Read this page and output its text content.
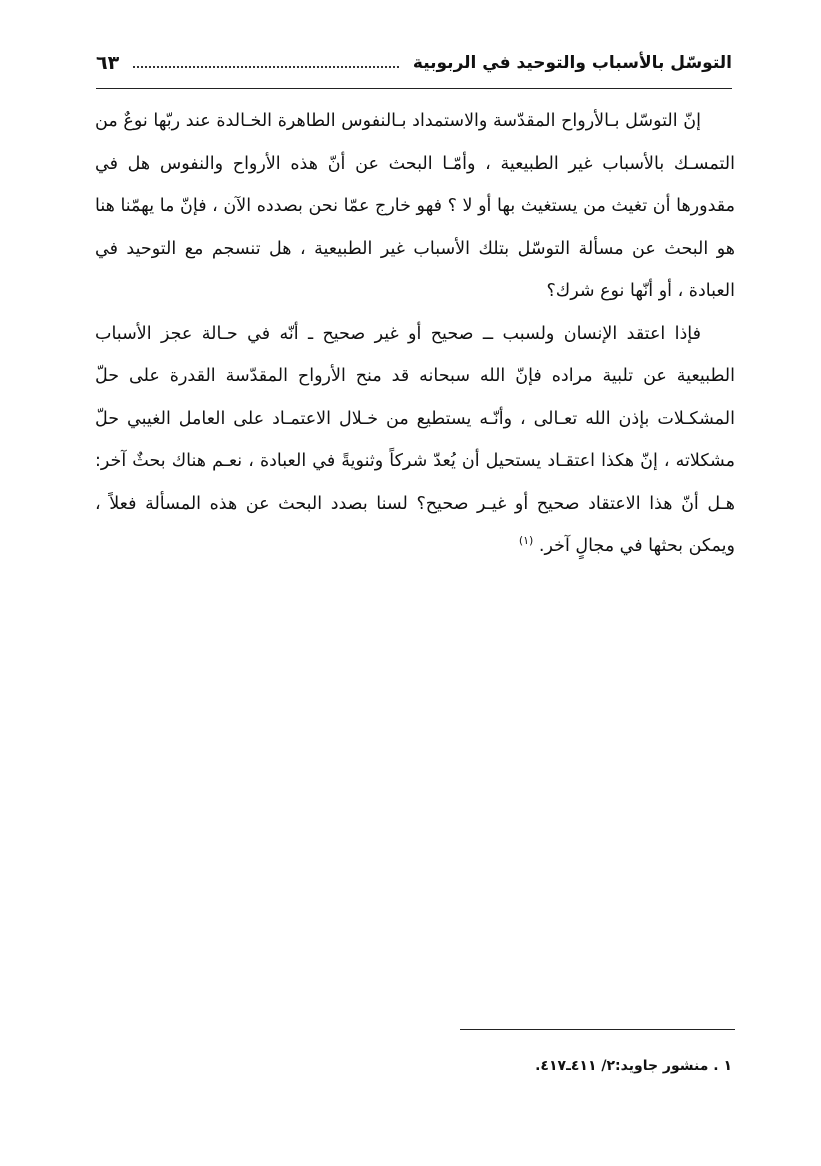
التوسّل بالأسباب والتوحيد في الربوبية
٦٣

إنّ التوسّل بـالأرواح المقدّسة والاستمداد بـالنفوس الطاهرة الخـالدة عند ربّها نوعٌ من التمسـك بالأسباب غير الطبيعية ، وأمّـا البحث عن أنّ هذه الأرواح والنفوس هل في مقدورها أن تغيث من يستغيث بها أو لا ؟ فهو خارج عمّا نحن بصدده الآن ، فإنّ ما يهمّنا هنا هو البحث عن مسألة التوسّل بتلك الأسباب غير الطبيعية ، هل تنسجم مع التوحيد في العبادة ، أو أنّها نوع شرك؟

فإذا اعتقد الإنسان ولسبب ــ صحيح أو غير صحيح ـ أنّه في حـالة عجز الأسباب الطبيعية عن تلبية مراده فإنّ الله سبحانه قد منح الأرواح المقدّسة القدرة على حلّ المشكـلات بإذن الله تعـالى ، وأنّـه يستطيع من خـلال الاعتمـاد على العامل الغيبي حلّ مشكلاته ، إنّ هكذا اعتقـاد يستحيل أن يُعدّ شركاً وثنويةً في العبادة ، نعـم هناك بحثٌ آخر: هـل أنّ هذا الاعتقاد صحيح أو غيـر صحيح؟ لسنا بصدد البحث عن هذه المسألة فعلاً ، ويمكن بحثها في مجالٍ آخر. $^{(١)}$

١ . منشور جاويد:٢/ ٤١١ـ٤١٧.
